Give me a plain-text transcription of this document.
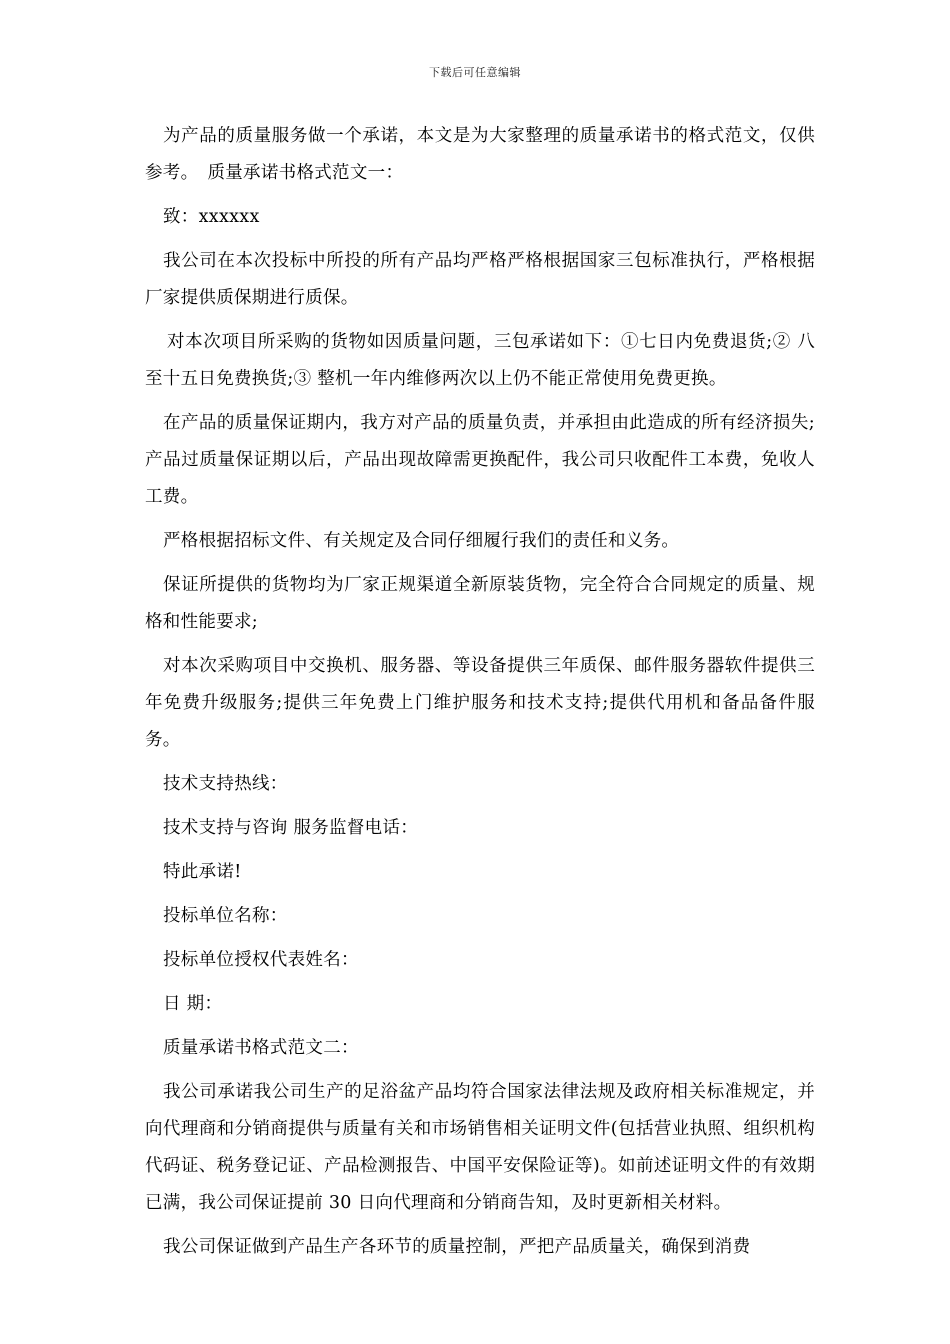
下载后可任意编辑

为产品的质量服务做一个承诺，本文是为大家整理的质量承诺书的格式范文，仅供参考。　质量承诺书格式范文一：

致：xxxxxx

我公司在本次投标中所投的所有产品均严格严格根据国家三包标准执行，严格根据厂家提供质保期进行质保。

对本次项目所采购的货物如因质量问题，三包承诺如下：①七日内免费退货;② 八至十五日免费换货;③ 整机一年内维修两次以上仍不能正常使用免费更换。

在产品的质量保证期内，我方对产品的质量负责，并承担由此造成的所有经济损失;产品过质量保证期以后，产品出现故障需更换配件，我公司只收配件工本费，免收人工费。

严格根据招标文件、有关规定及合同仔细履行我们的责任和义务。

保证所提供的货物均为厂家正规渠道全新原装货物，完全符合合同规定的质量、规格和性能要求;

对本次采购项目中交换机、服务器、等设备提供三年质保、邮件服务器软件提供三年免费升级服务;提供三年免费上门维护服务和技术支持;提供代用机和备品备件服务。

技术支持热线：

技术支持与咨询 服务监督电话：

特此承诺!

投标单位名称：

投标单位授权代表姓名：

日 期：

质量承诺书格式范文二：

我公司承诺我公司生产的足浴盆产品均符合国家法律法规及政府相关标准规定，并向代理商和分销商提供与质量有关和市场销售相关证明文件(包括营业执照、组织机构代码证、税务登记证、产品检测报告、中国平安保险证等)。如前述证明文件的有效期已满，我公司保证提前 30 日向代理商和分销商告知，及时更新相关材料。

我公司保证做到产品生产各环节的质量控制，严把产品质量关，确保到消费
